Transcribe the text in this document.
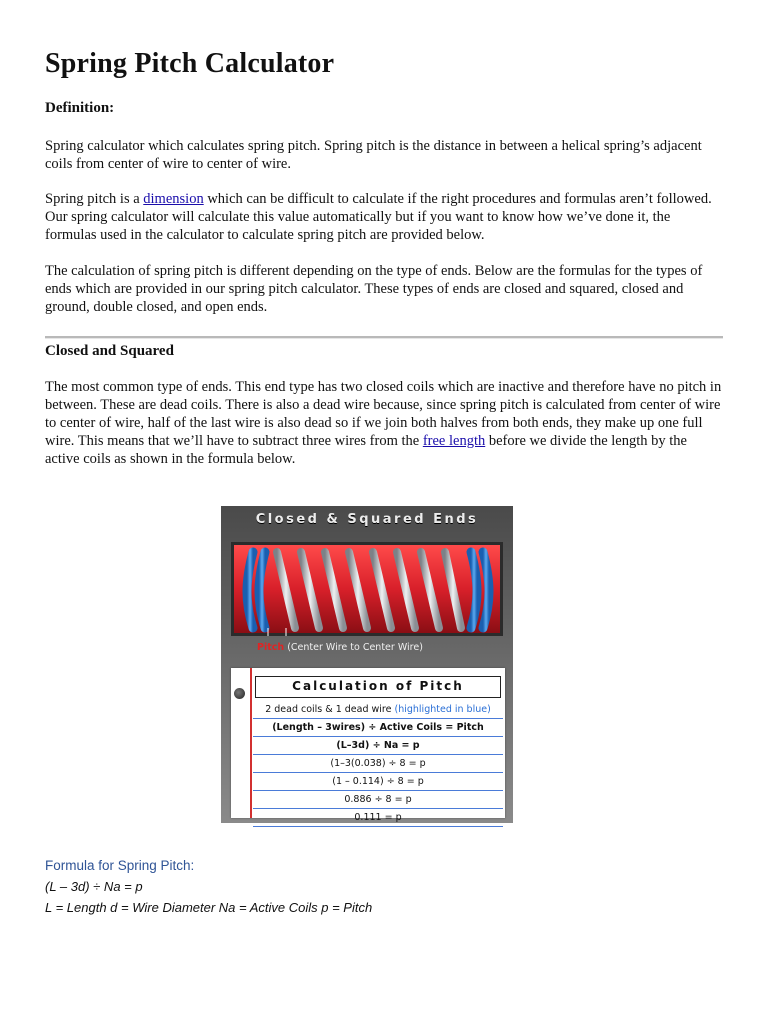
Spring Pitch Calculator
Definition:

Spring calculator which calculates spring pitch. Spring pitch is the distance in between a helical spring’s adjacent coils from center of wire to center of wire.

Spring pitch is a dimension which can be difficult to calculate if the right procedures and formulas aren’t followed. Our spring calculator will calculate this value automatically but if you want to know how we’ve done it, the formulas used in the calculator to calculate spring pitch are provided below.

The calculation of spring pitch is different depending on the type of ends. Below are the formulas for the types of ends which are provided in our spring pitch calculator. These types of ends are closed and squared, closed and ground, double closed, and open ends.

Closed and Squared

The most common type of ends. This end type has two closed coils which are inactive and therefore have no pitch in between. These are dead coils. There is also a dead wire because, since spring pitch is calculated from center of wire to center of wire, half of the last wire is also dead so if we join both halves from both ends, they make up one full wire. This means that we’ll have to subtract three wires from the free length before we divide the length by the active coils as shown in the formula below.

Closed & Squared Ends
Pitch (Center Wire to Center Wire)
Calculation of Pitch
2 dead coils & 1 dead wire (highlighted in blue)
(Length – 3wires) ÷ Active Coils = Pitch
(L–3d) ÷ Na = p
(1–3(0.038) ÷ 8 = p
(1 – 0.114) ÷ 8 = p
0.886 ÷ 8 = p
0.111 = p
Formula for Spring Pitch:
(L – 3d) ÷ Na = p
L = Length d = Wire Diameter Na = Active Coils p = Pitch
